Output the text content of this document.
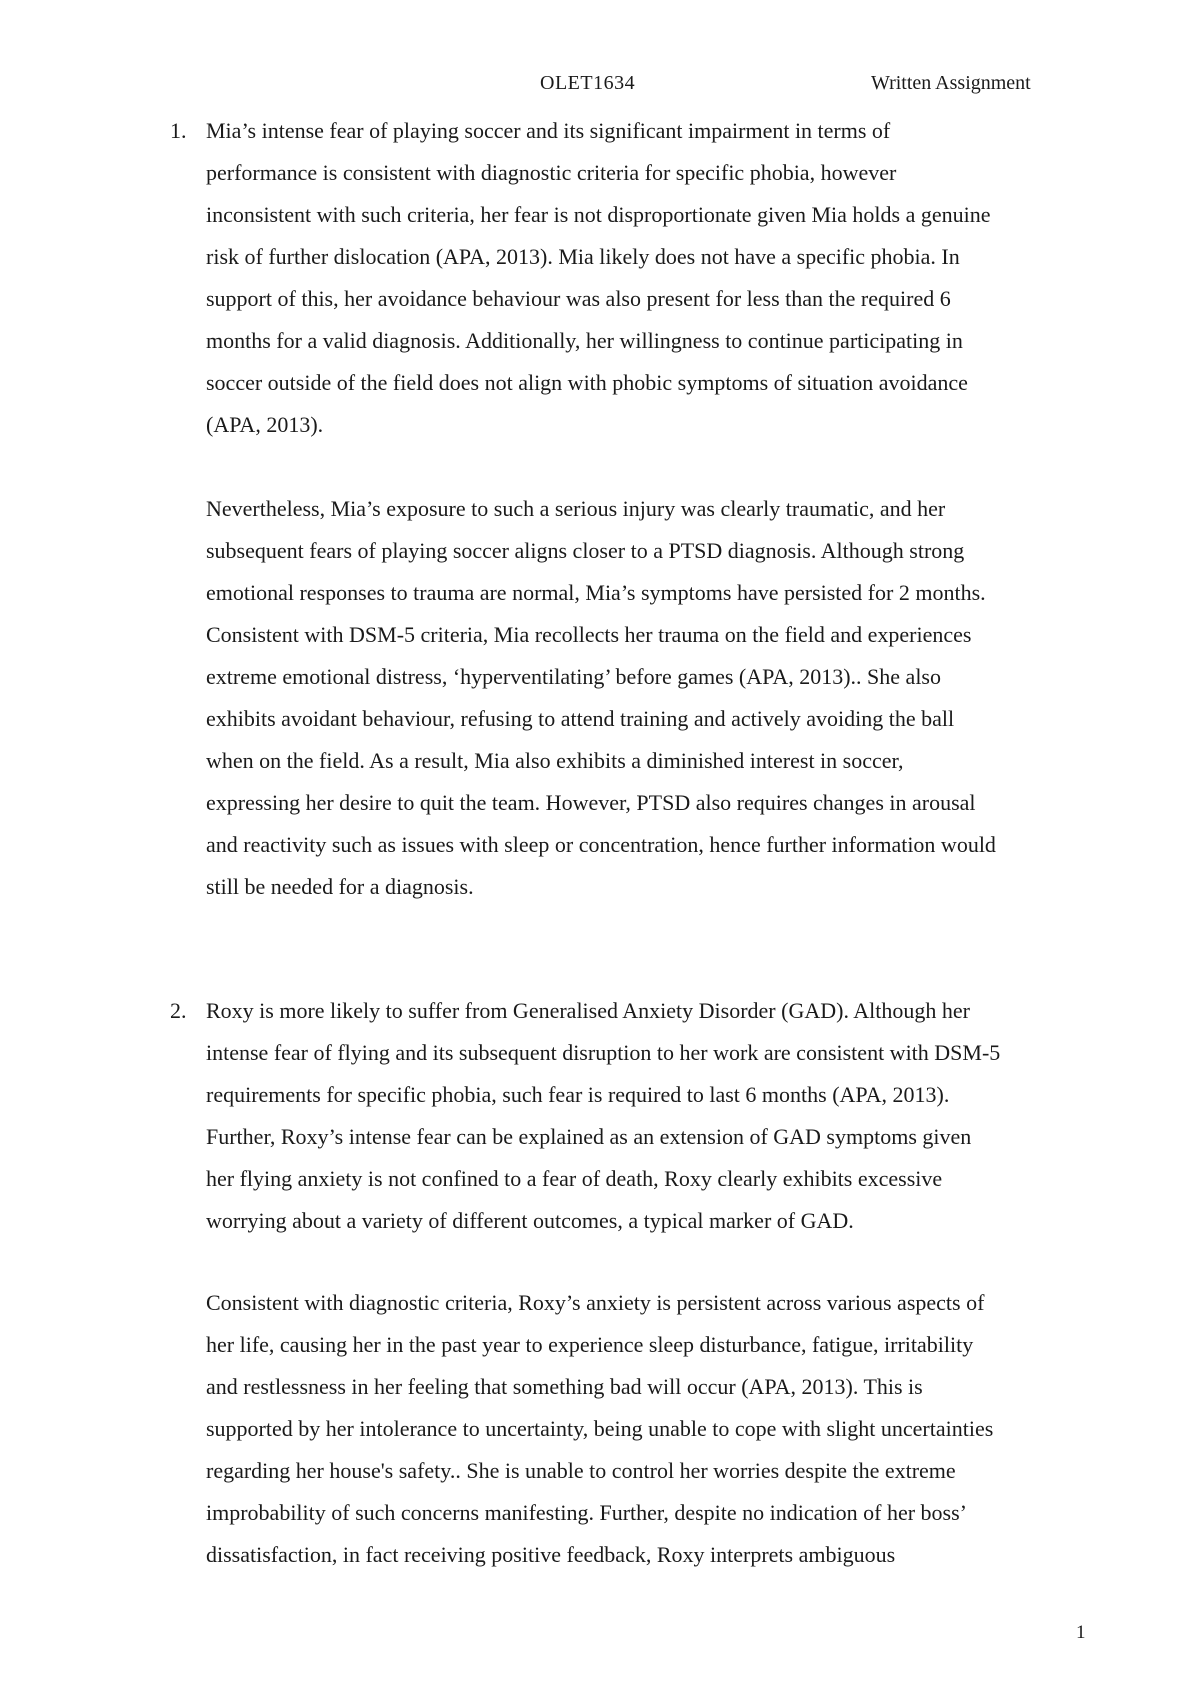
OLET1634	Written Assignment
1. Mia’s intense fear of playing soccer and its significant impairment in terms of
performance is consistent with diagnostic criteria for specific phobia, however
inconsistent with such criteria, her fear is not disproportionate given Mia holds a genuine
risk of further dislocation (APA, 2013). Mia likely does not have a specific phobia. In
support of this, her avoidance behaviour was also present for less than the required 6
months for a valid diagnosis. Additionally, her willingness to continue participating in
soccer outside of the field does not align with phobic symptoms of situation avoidance
(APA, 2013).
Nevertheless, Mia’s exposure to such a serious injury was clearly traumatic, and her
subsequent fears of playing soccer aligns closer to a PTSD diagnosis. Although strong
emotional responses to trauma are normal, Mia’s symptoms have persisted for 2 months.
Consistent with DSM-5 criteria, Mia recollects her trauma on the field and experiences
extreme emotional distress, ‘hyperventilating’ before games (APA, 2013).. She also
exhibits avoidant behaviour, refusing to attend training and actively avoiding the ball
when on the field. As a result, Mia also exhibits a diminished interest in soccer,
expressing her desire to quit the team. However, PTSD also requires changes in arousal
and reactivity such as issues with sleep or concentration, hence further information would
still be needed for a diagnosis.
2. Roxy is more likely to suffer from Generalised Anxiety Disorder (GAD). Although her
intense fear of flying and its subsequent disruption to her work are consistent with DSM-5
requirements for specific phobia, such fear is required to last 6 months (APA, 2013).
Further, Roxy’s intense fear can be explained as an extension of GAD symptoms given
her flying anxiety is not confined to a fear of death, Roxy clearly exhibits excessive
worrying about a variety of different outcomes, a typical marker of GAD.
Consistent with diagnostic criteria, Roxy’s anxiety is persistent across various aspects of
her life, causing her in the past year to experience sleep disturbance, fatigue, irritability
and restlessness in her feeling that something bad will occur (APA, 2013). This is
supported by her intolerance to uncertainty, being unable to cope with slight uncertainties
regarding her house's safety.. She is unable to control her worries despite the extreme
improbability of such concerns manifesting. Further, despite no indication of her boss’
dissatisfaction, in fact receiving positive feedback, Roxy interprets ambiguous
1
